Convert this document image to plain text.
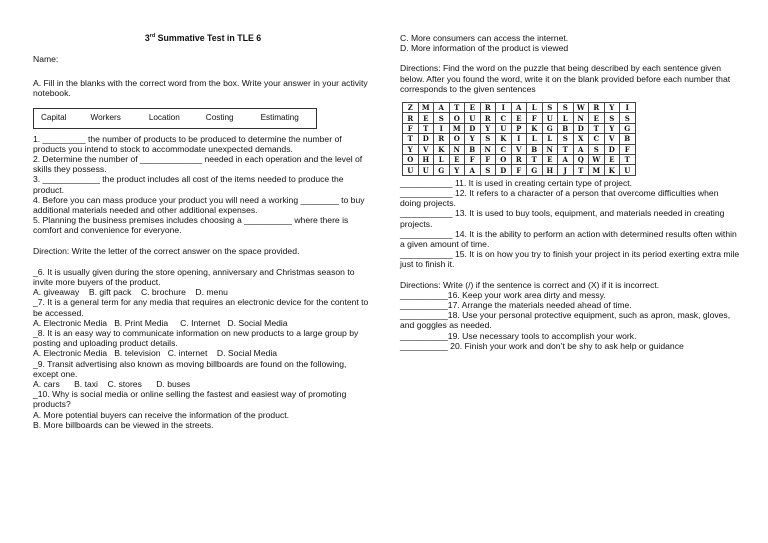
3rd Summative Test in TLE 6

Name:

A. Fill in the blanks with the correct word from the box. Write your answer in your activity notebook.

Capital	Workers	Location	Costing	Estimating

1. _________ the number of products to be produced to determine the number of products you intend to stock to accommodate unexpected demands.

2. Determine the number of _____________ needed in each operation and the level of skills they possess.

3. ____________ the product includes all cost of the items needed to produce the product.

4. Before you can mass produce your product you will need a working ________ to buy additional materials needed and other additional expenses.

5. Planning the business premises includes choosing a __________ where there is comfort and convenience for everyone.

Direction: Write the letter of the correct answer on the space provided.

_6. It is usually given during the store opening, anniversary and Christmas season to invite more buyers of the product.

A. giveaway    B. gift pack    C. brochure    D. menu

_7. It is a general term for any media that requires an electronic device for the content to be accessed.

A. Electronic Media   B. Print Media     C. Internet   D. Social Media

_8. It is an easy way to communicate information on new products to a large group by posting and uploading product details.

A. Electronic Media   B. television   C. internet    D. Social Media

_9. Transit advertising also known as moving billboards are found on the following, except one.

A. cars      B. taxi    C. stores      D. buses

_10. Why is social media or online selling the fastest and easiest way of promoting products?

A. More potential buyers can receive the information of the product.

B. More billboards can be viewed in the streets.

C. More consumers can access the internet.

D. More information of the product is viewed

Directions: Find the word on the puzzle that being described by each sentence given below. After you found the word, write it on the blank provided before each number that corresponds to the given sentences

Z	M	A	T	E	R	I	A	L	S	S	W	R	Y	I
R	E	S	O	U	R	C	E	F	U	L	N	E	S	S
F	T	I	M	D	Y	U	P	K	G	B	D	T	Y	G
T	D	R	O	Y	S	K	I	L	L	S	X	C	V	B
Y	V	K	N	B	N	C	V	B	N	T	A	S	D	F
O	H	L	E	F	F	O	R	T	E	A	Q	W	E	T
U	U	G	Y	A	S	D	F	G	H	J	T	M	K	U

___________ 11. It is used in creating certain type of project.

___________ 12. It refers to a character of a person that overcome difficulties when doing projects.

___________ 13. It is used to buy tools, equipment, and materials needed in creating projects.

___________ 14. It is the ability to perform an action with determined results often within a given amount of time.

___________ 15. It is on how you try to finish your project in its period exerting extra mile just to finish it.

Directions: Write (/) if the sentence is correct and (X) if it is incorrect.

__________16. Keep your work area dirty and messy.

__________17. Arrange the materials needed ahead of time.

__________18. Use your personal protective equipment, such as apron, mask, gloves, and goggles as needed.

__________19. Use necessary tools to accomplish your work.

__________ 20. Finish your work and don’t be shy to ask help or guidance
